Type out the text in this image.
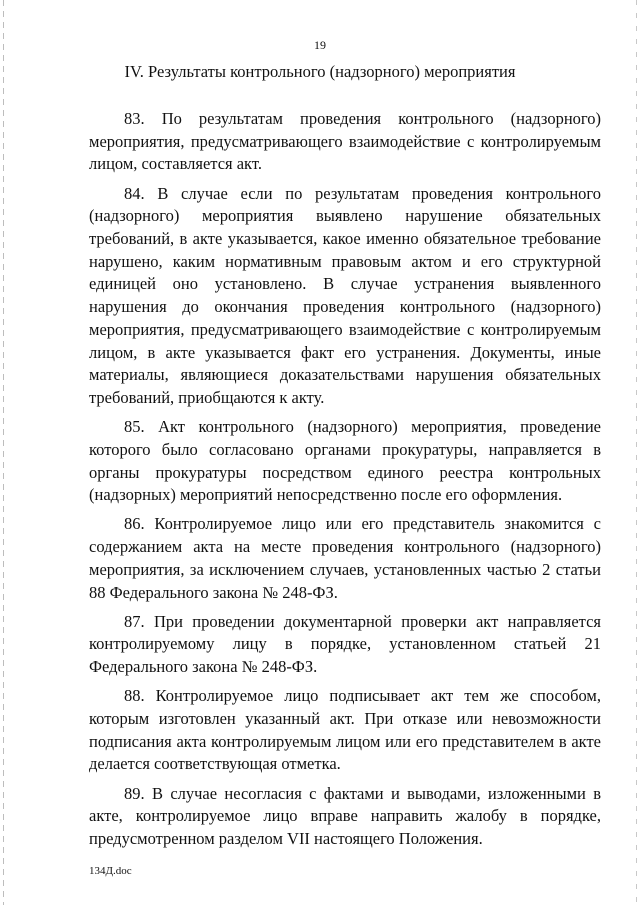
19
IV. Результаты контрольного (надзорного) мероприятия

83. По результатам проведения контрольного (надзорного) мероприятия, предусматривающего взаимодействие с контролируемым лицом, составляется акт.

84. В случае если по результатам проведения контрольного (надзорного) мероприятия выявлено нарушение обязательных требований, в акте указывается, какое именно обязательное требование нарушено, каким нормативным правовым актом и его структурной единицей оно установлено. В случае устранения выявленного нарушения до окончания проведения контрольного (надзорного) мероприятия, предусматривающего взаимодействие с контролируемым лицом, в акте указывается факт его устранения. Документы, иные материалы, являющиеся доказательствами нарушения обязательных требований, приобщаются к акту.

85. Акт контрольного (надзорного) мероприятия, проведение которого было согласовано органами прокуратуры, направляется в органы прокуратуры посредством единого реестра контрольных (надзорных) мероприятий непосредственно после его оформления.

86. Контролируемое лицо или его представитель знакомится с содержанием акта на месте проведения контрольного (надзорного) мероприятия, за исключением случаев, установленных частью 2 статьи 88 Федерального закона № 248-ФЗ.

87. При проведении документарной проверки акт направляется контролируемому лицу в порядке, установленном статьей 21 Федерального закона № 248-ФЗ.

88. Контролируемое лицо подписывает акт тем же способом, которым изготовлен указанный акт. При отказе или невозможности подписания акта контролируемым лицом или его представителем в акте делается соответствующая отметка.

89. В случае несогласия с фактами и выводами, изложенными в акте, контролируемое лицо вправе направить жалобу в порядке, предусмотренном разделом VII настоящего Положения.

134Д.doc
